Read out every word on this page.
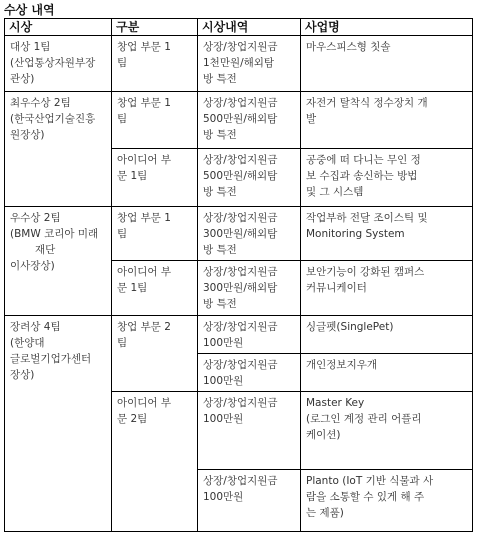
수상 내역
시상	구분	시상내역	사업명

대상 1팀
(산업통상자원부장
관상)	창업 부문 1
팀	상장/창업지원금
1천만원/해외탐
방 특전	마우스피스형 칫솔

최우수상 2팀
(한국산업기술진흥
원장상)	창업 부문 1
팀	상장/창업지원금
500만원/해외탐
방 특전	자전거 탈착식 정수장치 개
발

	아이디어 부
문 1팀	상장/창업지원금
500만원/해외탐
방 특전	공중에 떠 다니는 무인 정
보 수집과 송신하는 방법
및 그 시스템

우수상 2팀
(BMW 코리아 미래
재단
이사장상)	창업 부문 1
팀	상장/창업지원금
300만원/해외탐
방 특전	작업부하 전달 조이스틱 및
Monitoring System

	아이디어 부
문 1팀	상장/창업지원금
300만원/해외탐
방 특전	보안기능이 강화된 캠퍼스
커뮤니케이터

장려상 4팀
(한양대
글로벌기업가센터
장상)	창업 부문 2
팀	상장/창업지원금
100만원	싱글펫(SinglePet)

		상장/창업지원금
100만원	개인정보지우개

	아이디어 부
문 2팀	상장/창업지원금
100만원	Master Key
(로그인 계정 관리 어플리
케이션)

		상장/창업지원금
100만원	Planto (IoT 기반 식물과 사
람을 소통할 수 있게 해 주
는 제품)
